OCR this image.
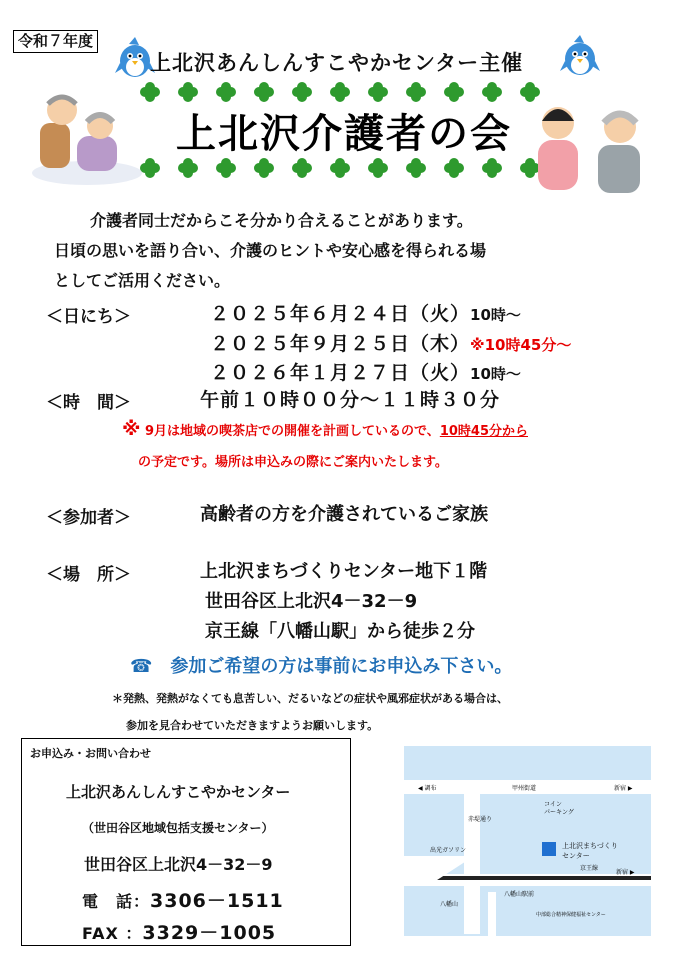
令和７年度
上北沢あんしんすこやかセンター主催
上北沢介護者の会
介護者同士だからこそ分かり合えることがあります。
日頃の思いを語り合い、介護のヒントや安心感を得られる場
としてご活用ください。
＜日にち＞	２０２５年６月２４日（火）10時～
２０２５年９月２５日（木）※10時45分～
２０２６年１月２７日（火）10時～
＜時　間＞	午前１０時００分～１１時３０分
※ 9月は地域の喫茶店での開催を計画しているので、10時45分から
の予定です。場所は申込みの際にご案内いたします。
＜参加者＞	高齢者の方を介護されているご家族
＜場　所＞	上北沢まちづくりセンター地下１階
世田谷区上北沢4－32－9
京王線「八幡山駅」から徒歩２分
☎ 参加ご希望の方は事前にお申込み下さい。
＊発熱、発熱がなくても息苦しい、だるいなどの症状や風邪症状がある場合は、
参加を見合わせていただきますようお願いします。
お申込み・お問い合わせ
上北沢あんしんすこやかセンター
（世田谷区地域包括支援センター）
世田谷区上北沢4－32－9
電　話：3306－1511
FAX ：3329－1005
◀ 調布	甲州街道	新宿 ▶
赤堤通り
コイン
パーキング
上北沢まちづくり
センター
出光ガソリン
京王線
新宿 ▶
八幡山
八幡山駅前
中部総合精神保健福祉センター
